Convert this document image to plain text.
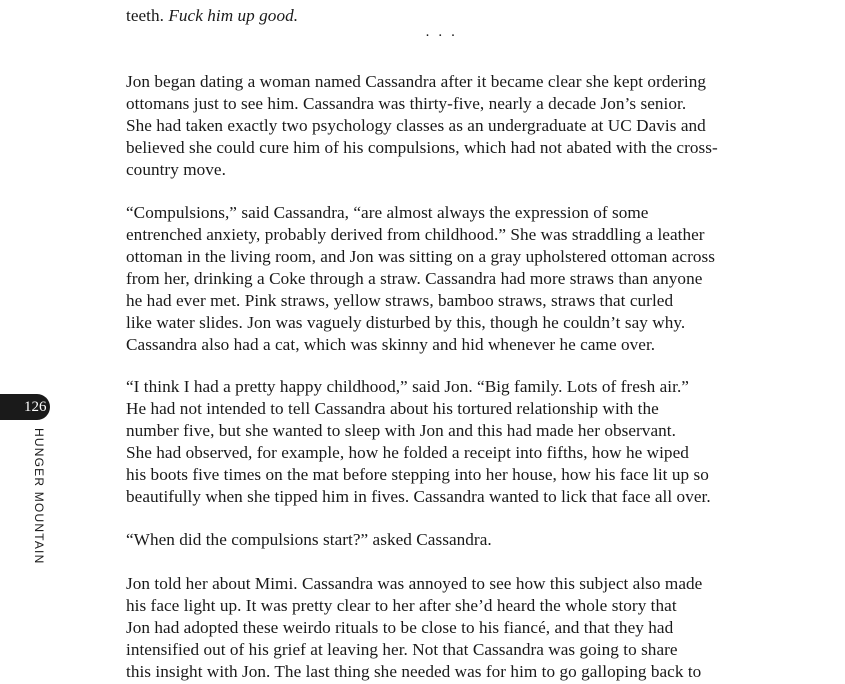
teeth. Fuck him up good.
· · ·
Jon began dating a woman named Cassandra after it became clear she kept ordering
ottomans just to see him. Cassandra was thirty-five, nearly a decade Jon’s senior.
She had taken exactly two psychology classes as an undergraduate at UC Davis and
believed she could cure him of his compulsions, which had not abated with the cross-
country move.
“Compulsions,” said Cassandra, “are almost always the expression of some
entrenched anxiety, probably derived from childhood.” She was straddling a leather
ottoman in the living room, and Jon was sitting on a gray upholstered ottoman across
from her, drinking a Coke through a straw. Cassandra had more straws than anyone
he had ever met. Pink straws, yellow straws, bamboo straws, straws that curled
like water slides. Jon was vaguely disturbed by this, though he couldn’t say why.
Cassandra also had a cat, which was skinny and hid whenever he came over.
“I think I had a pretty happy childhood,” said Jon. “Big family. Lots of fresh air.”
He had not intended to tell Cassandra about his tortured relationship with the
number five, but she wanted to sleep with Jon and this had made her observant.
She had observed, for example, how he folded a receipt into fifths, how he wiped
his boots five times on the mat before stepping into her house, how his face lit up so
beautifully when she tipped him in fives. Cassandra wanted to lick that face all over.
“When did the compulsions start?” asked Cassandra.
Jon told her about Mimi. Cassandra was annoyed to see how this subject also made
his face light up. It was pretty clear to her after she’d heard the whole story that
Jon had adopted these weirdo rituals to be close to his fiancé, and that they had
intensified out of his grief at leaving her. Not that Cassandra was going to share
this insight with Jon. The last thing she needed was for him to go galloping back to
126
HUNGER MOUNTAIN
